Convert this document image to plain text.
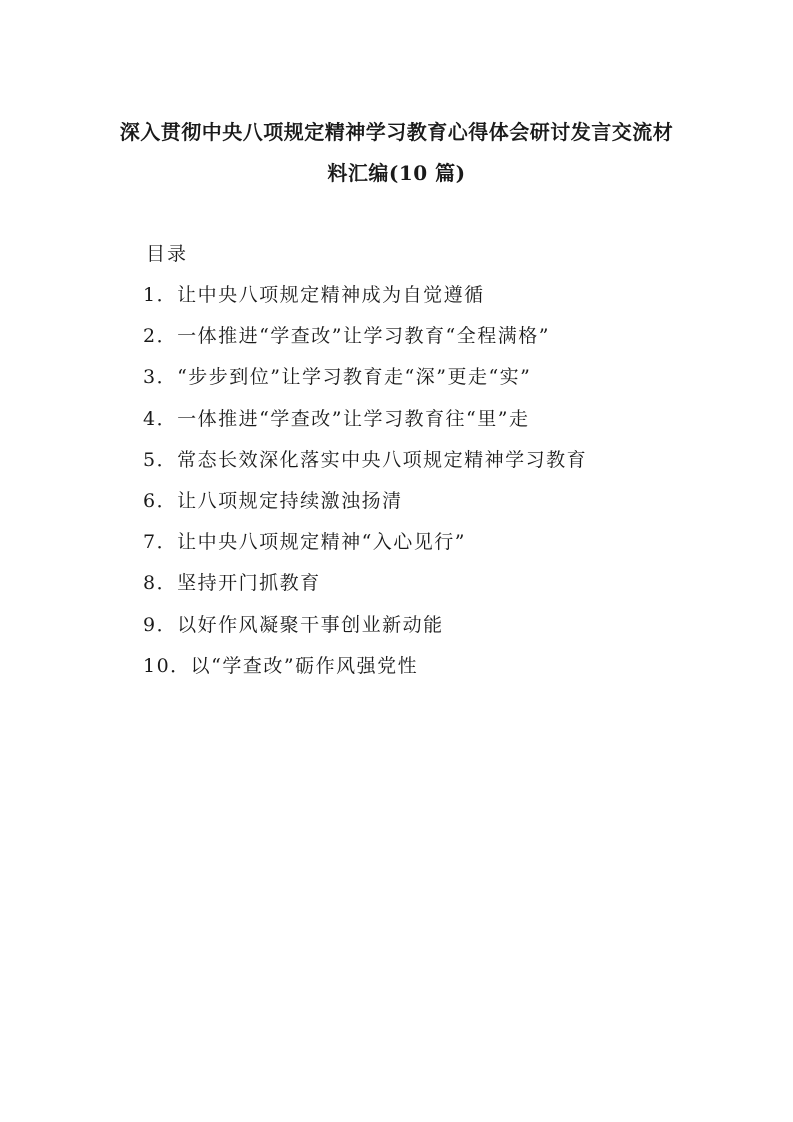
深入贯彻中央八项规定精神学习教育心得体会研讨发言交流材
料汇编(10 篇)
目录
1．让中央八项规定精神成为自觉遵循
2．一体推进“学查改”让学习教育“全程满格”
3．“步步到位”让学习教育走“深”更走“实”
4．一体推进“学查改”让学习教育往“里”走
5．常态长效深化落实中央八项规定精神学习教育
6．让八项规定持续激浊扬清
7．让中央八项规定精神“入心见行”
8．坚持开门抓教育
9．以好作风凝聚干事创业新动能
10．以“学查改”砺作风强党性
